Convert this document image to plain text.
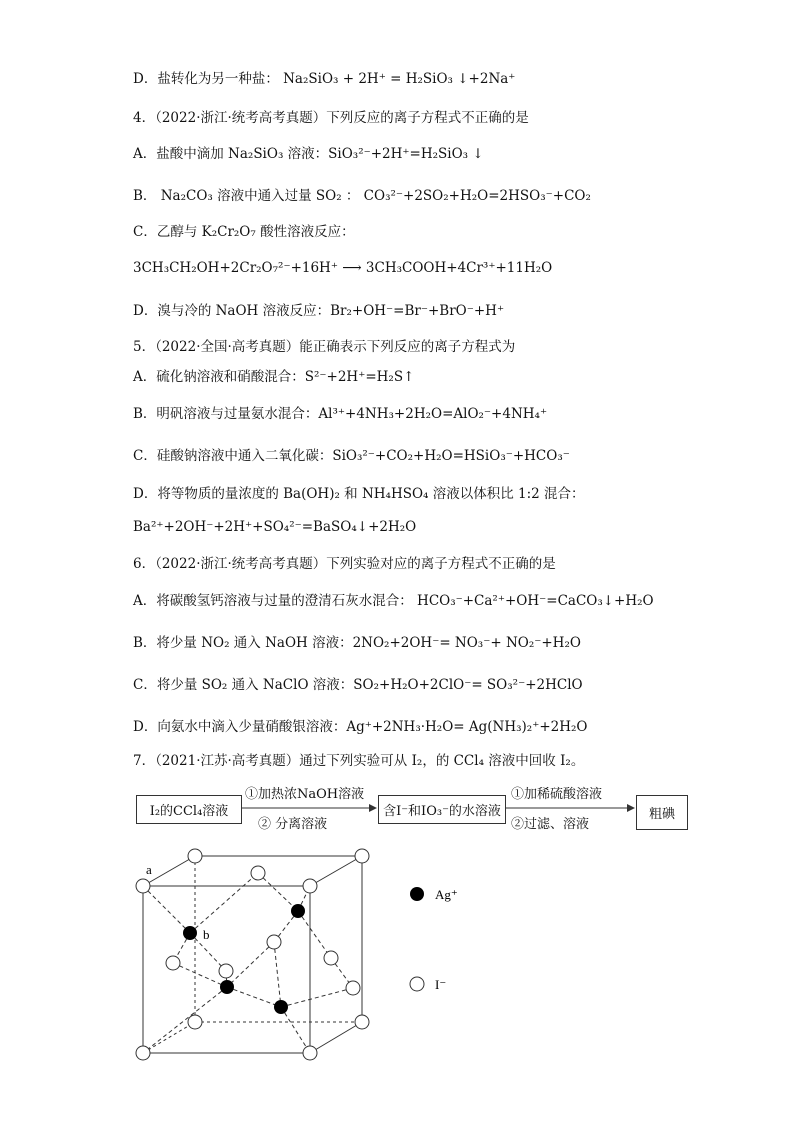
D．盐转化为另一种盐： Na₂SiO₃ + 2H⁺ = H₂SiO₃ ↓+2Na⁺
4．（2022·浙江·统考高考真题）下列反应的离子方程式不正确的是
A．盐酸中滴加 Na₂SiO₃ 溶液：SiO₃²⁻+2H⁺=H₂SiO₃ ↓
B． Na₂CO₃ 溶液中通入过量 SO₂ ： CO₃²⁻+2SO₂+H₂O=2HSO₃⁻+CO₂
C．乙醇与 K₂Cr₂O₇ 酸性溶液反应：
3CH₃CH₂OH+2Cr₂O₇²⁻+16H⁺ ⟶ 3CH₃COOH+4Cr³⁺+11H₂O
D．溴与冷的 NaOH 溶液反应：Br₂+OH⁻=Br⁻+BrO⁻+H⁺
5．（2022·全国·高考真题）能正确表示下列反应的离子方程式为
A．硫化钠溶液和硝酸混合：S²⁻+2H⁺=H₂S↑
B．明矾溶液与过量氨水混合：Al³⁺+4NH₃+2H₂O=AlO₂⁻+4NH₄⁺
C．硅酸钠溶液中通入二氧化碳：SiO₃²⁻+CO₂+H₂O=HSiO₃⁻+HCO₃⁻
D．将等物质的量浓度的 Ba(OH)₂ 和 NH₄HSO₄ 溶液以体积比 1:2 混合：
Ba²⁺+2OH⁻+2H⁺+SO₄²⁻=BaSO₄↓+2H₂O
6．（2022·浙江·统考高考真题）下列实验对应的离子方程式不正确的是
A．将碳酸氢钙溶液与过量的澄清石灰水混合： HCO₃⁻+Ca²⁺+OH⁻=CaCO₃↓+H₂O
B．将少量 NO₂ 通入 NaOH 溶液：2NO₂+2OH⁻= NO₃⁻+ NO₂⁻+H₂O
C．将少量 SO₂ 通入 NaClO 溶液：SO₂+H₂O+2ClO⁻= SO₃²⁻+2HClO
D．向氨水中滴入少量硝酸银溶液：Ag⁺+2NH₃·H₂O= Ag(NH₃)₂⁺+2H₂O
7．（2021·江苏·高考真题）通过下列实验可从 I₂，的 CCl₄ 溶液中回收 I₂。
I₂的CCl₄溶液
①加热浓NaOH溶液
② 分离溶液
含I⁻和IO₃⁻的水溶液
①加稀硫酸溶液
②过滤、溶液
粗碘
a
b
Ag⁺
I⁻
